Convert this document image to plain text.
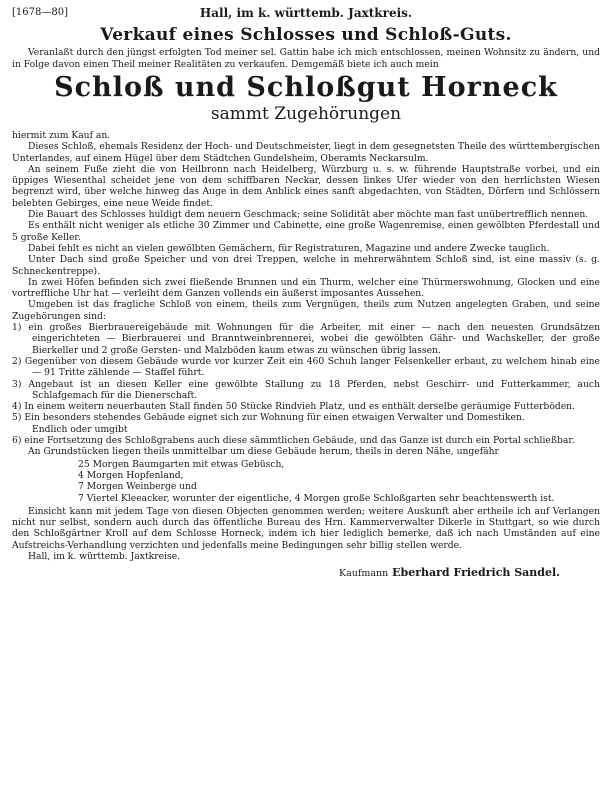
[1678—80]	Hall, im k. württemb. Jaxtkreis.
Verkauf eines Schlosses und Schloß-Guts.

Veranlaßt durch den jüngst erfolgten Tod meiner sel. Gattin habe ich mich entschlossen, meinen Wohnsitz zu ändern, und in Folge davon einen Theil meiner Realitäten zu verkaufen. Demgemäß biete ich auch mein

Schloß und Schloßgut Horneck
sammt Zugehörungen

hiermit zum Kauf an.

Dieses Schloß, ehemals Residenz der Hoch- und Deutschmeister, liegt in dem gesegnetsten Theile des württembergischen Unterlandes, auf einem Hügel über dem Städtchen Gundelsheim, Oberamts Neckarsulm.

An seinem Fuße zieht die von Heilbronn nach Heidelberg, Würzburg u. s. w. führende Hauptstraße vorbei, und ein üppiges Wiesenthal scheidet jene von dem schiffbaren Neckar, dessen linkes Ufer wieder von den herrlichsten Wiesen begrenzt wird, über welche hinweg das Auge in dem Anblick eines sanft abgedachten, von Städten, Dörfern und Schlössern belebten Gebirges, eine neue Weide findet.

Die Bauart des Schlosses huldigt dem neuern Geschmack; seine Solidität aber möchte man fast unübertrefflich nennen.

Es enthält nicht weniger als etliche 30 Zimmer und Cabinette, eine große Wagenremise, einen gewölbten Pferdestall und 5 große Keller.

Dabei fehlt es nicht an vielen gewölbten Gemächern, für Registraturen, Magazine und andere Zwecke tauglich.

Unter Dach sind große Speicher und von drei Treppen, welche in mehrerwähntem Schloß sind, ist eine massiv (s. g. Schneckentreppe).

In zwei Höfen befinden sich zwei fließende Brunnen und ein Thurm, welcher eine Thürmerswohnung, Glocken und eine vortreffliche Uhr hat — verleiht dem Ganzen vollends ein äußerst imposantes Aussehen.

Umgeben ist das fragliche Schloß von einem, theils zum Vergnügen, theils zum Nutzen angelegten Graben, und seine Zugehörungen sind:

1) ein großes Bierbrauereigebäude mit Wohnungen für die Arbeiter, mit einer — nach den neuesten Grundsätzen eingerichteten — Bierbrauerei und Branntweinbrennerei, wobei die gewölbten Gähr- und Wachskeller, der große Bierkeller und 2 große Gersten- und Malzböden kaum etwas zu wünschen übrig lassen.
2) Gegenüber von diesem Gebäude wurde vor kurzer Zeit ein 460 Schuh langer Felsenkeller erbaut, zu welchem hinab eine — 91 Tritte zählende — Staffel führt.
3) Angebaut ist an diesen Keller eine gewölbte Stallung zu 18 Pferden, nebst Geschirr- und Futterkammer, auch Schlafgemach für die Dienerschaft.
4) In einem weitern neuerbauten Stall finden 50 Stücke Rindvieh Platz, und es enthält derselbe geräumige Futterböden.
5) Ein besonders stehendes Gebäude eignet sich zur Wohnung für einen etwaigen Verwalter und Domestiken.

Endlich oder umgibt

6) eine Fortsetzung des Schloßgrabens auch diese sämmtlichen Gebäude, und das Ganze ist durch ein Portal schließbar.

An Grundstücken liegen theils unmittelbar um diese Gebäude herum, theils in deren Nähe, ungefähr

25 Morgen Baumgarten mit etwas Gebüsch,
4 Morgen Hopfenland,
7 Morgen Weinberge und
7 Viertel Kleeacker, worunter der eigentliche, 4 Morgen große Schloßgarten sehr beachtenswerth ist.

Einsicht kann mit jedem Tage von diesen Objecten genommen werden; weitere Auskunft aber ertheile ich auf Verlangen nicht nur selbst, sondern auch durch das öffentliche Bureau des Hrn. Kammerverwalter Dikerle in Stuttgart, so wie durch den Schloßgärtner Kroll auf dem Schlosse Horneck, indem ich hier lediglich bemerke, daß ich nach Umständen auf eine Aufstreichs-Verhandlung verzichten und jedenfalls meine Bedingungen sehr billig stellen werde.

Hall, im k. württemb. Jaxtkreise.

Kaufmann Eberhard Friedrich Sandel.
